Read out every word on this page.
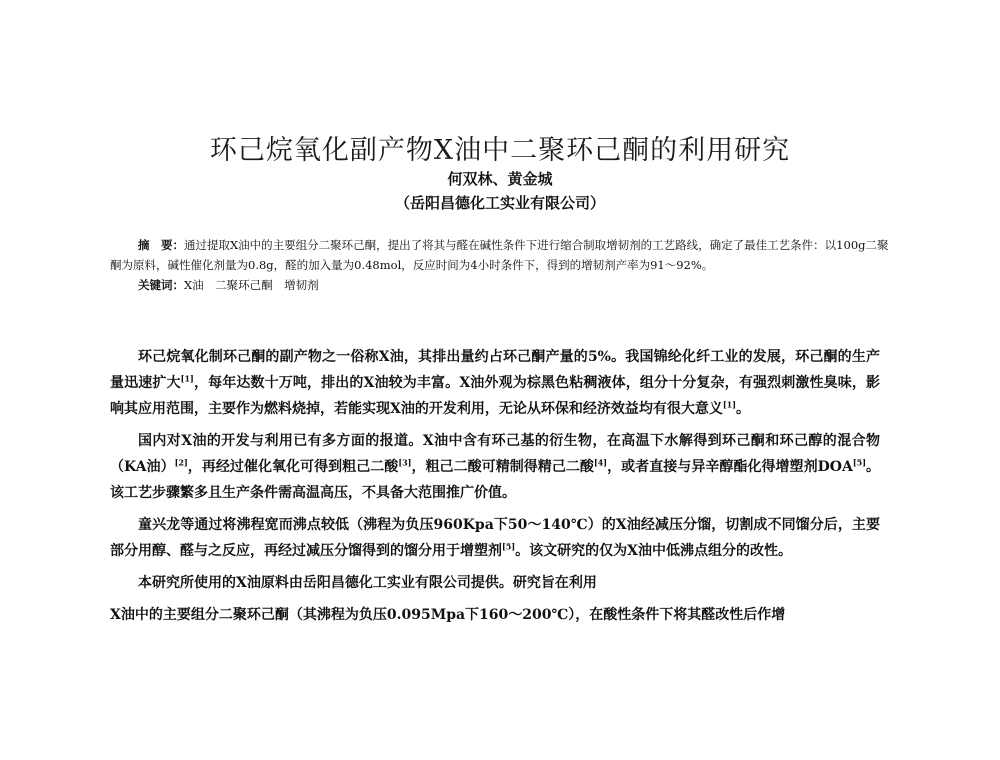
环己烷氧化副产物X油中二聚环己酮的利用研究
何双林、黄金城
（岳阳昌德化工实业有限公司）

摘　要：通过提取X油中的主要组分二聚环己酮，提出了将其与醛在碱性条件下进行缩合制取增韧剂的工艺路线，确定了最佳工艺条件：以100g二聚酮为原料，碱性催化剂量为0.8g，醛的加入量为0.48mol，反应时间为4小时条件下，得到的增韧剂产率为91～92%。

关键词：X油　二聚环己酮　增韧剂

环己烷氧化制环己酮的副产物之一俗称X油，其排出量约占环己酮产量的5%。我国锦纶化纤工业的发展，环己酮的生产量迅速扩大[1]，每年达数十万吨，排出的X油较为丰富。X油外观为棕黑色粘稠液体，组分十分复杂，有强烈刺激性臭味，影响其应用范围，主要作为燃料烧掉，若能实现X油的开发利用，无论从环保和经济效益均有很大意义[1]。

国内对X油的开发与利用已有多方面的报道。X油中含有环己基的衍生物，在高温下水解得到环己酮和环己醇的混合物（KA油）[2]，再经过催化氧化可得到粗己二酸[3]，粗己二酸可精制得精己二酸[4]，或者直接与异辛醇酯化得增塑剂DOA[5]。该工艺步骤繁多且生产条件需高温高压，不具备大范围推广价值。

童兴龙等通过将沸程宽而沸点较低（沸程为负压960Kpa下50～140℃）的X油经减压分馏，切割成不同馏分后，主要部分用醇、醛与之反应，再经过减压分馏得到的馏分用于增塑剂[5]。该文研究的仅为X油中低沸点组分的改性。

本研究所使用的X油原料由岳阳昌德化工实业有限公司提供。研究旨在利用

X油中的主要组分二聚环己酮（其沸程为负压0.095Mpa下160～200℃），在酸性条件下将其醛改性后作增
